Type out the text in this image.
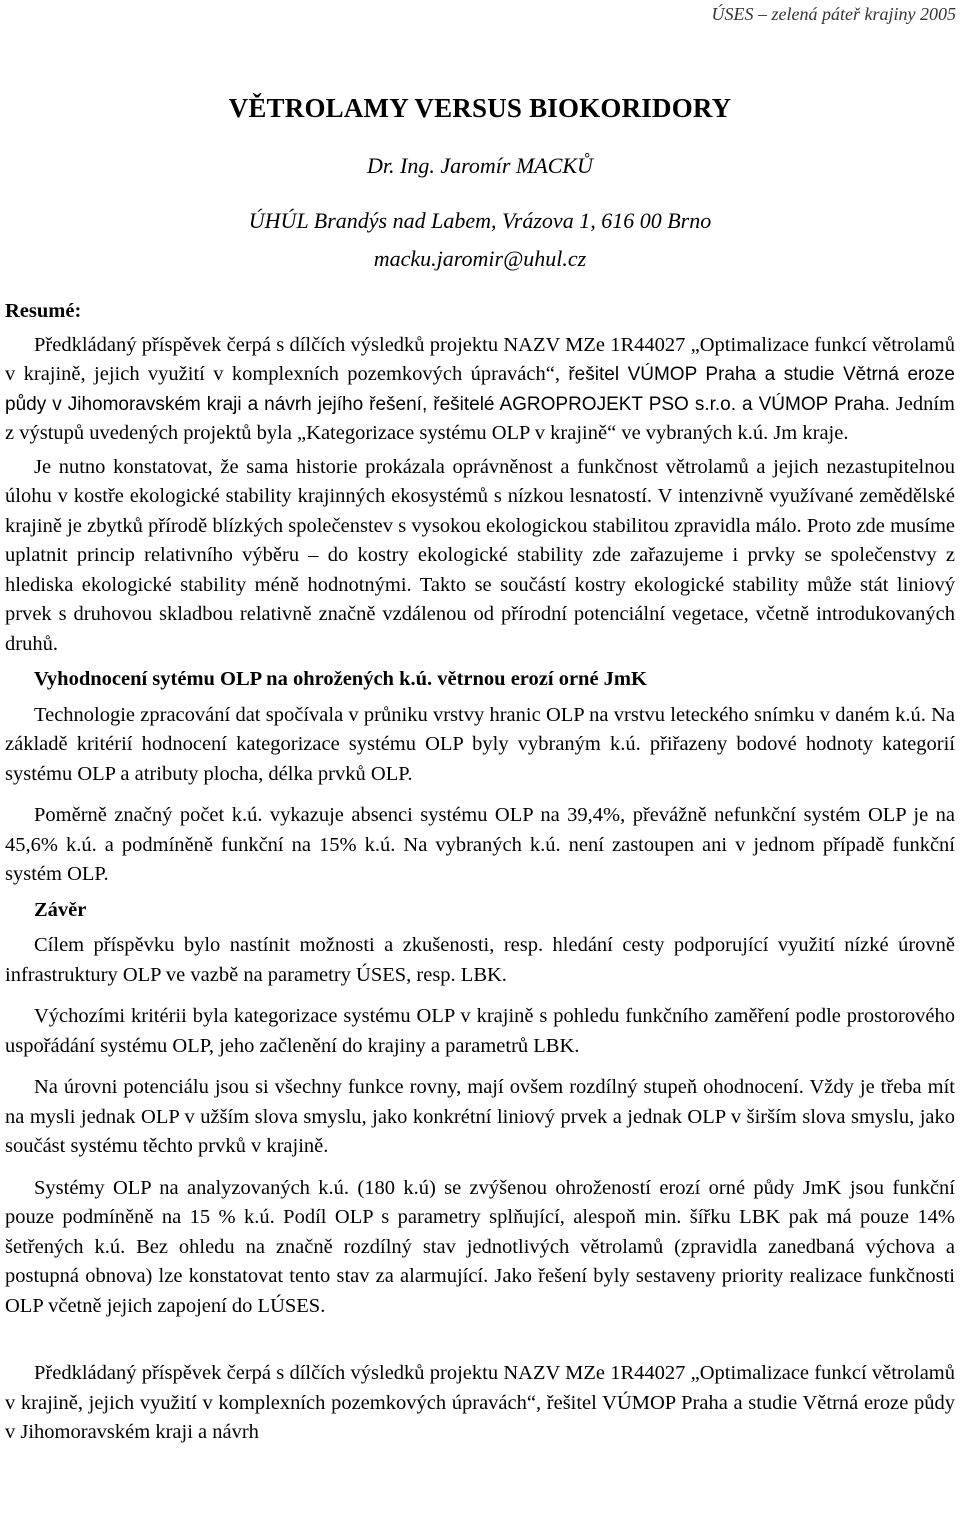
ÚSES – zelená páteř krajiny 2005
VĚTROLAMY VERSUS BIOKORIDORY
Dr. Ing. Jaromír MACKŮ
ÚHÚL Brandýs nad Labem, Vrázova 1, 616 00 Brno
macku.jaromir@uhul.cz
Resumé:

Předkládaný příspěvek čerpá s dílčích výsledků projektu NAZV MZe 1R44027 „Optimalizace funkcí větrolamů v krajině, jejich využití v komplexních pozemkových úpravách“, řešitel VÚMOP Praha a studie Větrná eroze půdy v Jihomoravském kraji a návrh jejího řešení, řešitelé AGROPROJEKT PSO s.r.o. a VÚMOP Praha. Jedním z výstupů uvedených projektů byla „Kategorizace systému OLP v krajině“ ve vybraných k.ú. Jm kraje.

Je nutno konstatovat, že sama historie prokázala oprávněnost a funkčnost větrolamů a jejich nezastupitelnou úlohu v kostře ekologické stability krajinných ekosystémů s nízkou lesnatostí. V intenzivně využívané zemědělské krajině je zbytků přírodě blízkých společenstev s vysokou ekologickou stabilitou zpravidla málo. Proto zde musíme uplatnit princip relativního výběru – do kostry ekologické stability zde zařazujeme i prvky se společenstvy z hlediska ekologické stability méně hodnotnými. Takto se součástí kostry ekologické stability může stát liniový prvek s druhovou skladbou relativně značně vzdálenou od přírodní potenciální vegetace, včetně introdukovaných druhů.

Vyhodnocení sytému OLP na ohrožených k.ú. větrnou erozí orné JmK

Technologie zpracování dat spočívala v průniku vrstvy hranic OLP na vrstvu leteckého snímku v daném k.ú. Na základě kritérií hodnocení kategorizace systému OLP byly vybraným k.ú. přiřazeny bodové hodnoty kategorií systému OLP a atributy plocha, délka prvků OLP.

Poměrně značný počet k.ú. vykazuje absenci systému OLP na 39,4%, převážně nefunkční systém OLP je na 45,6% k.ú. a podmíněně funkční na 15% k.ú. Na vybraných k.ú. není zastoupen ani v jednom případě funkční systém OLP.

Závěr

Cílem příspěvku bylo nastínit možnosti a zkušenosti, resp. hledání cesty podporující využití nízké úrovně infrastruktury OLP ve vazbě na parametry ÚSES, resp. LBK.

Výchozími kritérii byla kategorizace systému OLP v krajině s pohledu funkčního zaměření podle prostorového uspořádání systému OLP, jeho začlenění do krajiny a parametrů LBK.

Na úrovni potenciálu jsou si všechny funkce rovny, mají ovšem rozdílný stupeň ohodnocení. Vždy je třeba mít na mysli jednak OLP v užším slova smyslu, jako konkrétní liniový prvek a jednak OLP v širším slova smyslu, jako součást systému těchto prvků v krajině.

Systémy OLP na analyzovaných k.ú. (180 k.ú) se zvýšenou ohrožeností erozí orné půdy JmK jsou funkční pouze podmíněně na 15 % k.ú. Podíl OLP s parametry splňující, alespoň min. šířku LBK pak má pouze 14% šetřených k.ú. Bez ohledu na značně rozdílný stav jednotlivých větrolamů (zpravidla zanedbaná výchova a postupná obnova) lze konstatovat tento stav za alarmující. Jako řešení byly sestaveny priority realizace funkčnosti OLP včetně jejich zapojení do LÚSES.

Předkládaný příspěvek čerpá s dílčích výsledků projektu NAZV MZe 1R44027 „Optimalizace funkcí větrolamů v krajině, jejich využití v komplexních pozemkových úpravách“, řešitel VÚMOP Praha a studie Větrná eroze půdy v Jihomoravském kraji a návrh
